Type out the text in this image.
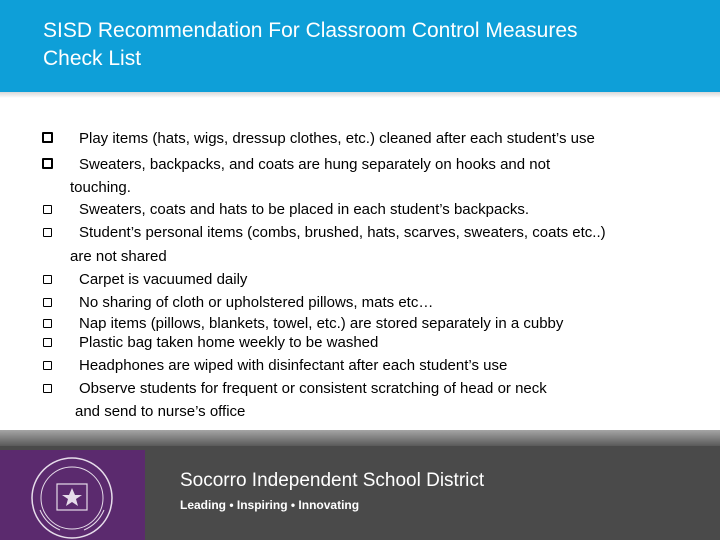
SISD Recommendation For Classroom Control Measures
Check List
Play items (hats, wigs, dressup clothes, etc.) cleaned after each student’s use
Sweaters, backpacks, and coats are hung separately on hooks and not
touching.
Sweaters, coats and hats to be placed in each student’s backpacks.
Student’s personal items (combs, brushed, hats, scarves, sweaters, coats etc..)
are not shared
Carpet is vacuumed daily
No sharing of cloth or upholstered pillows, mats etc…
Nap items (pillows, blankets, towel, etc.) are stored separately in a cubby
Plastic bag taken home weekly to be washed
Headphones are wiped with disinfectant after each student’s use
Observe students for frequent or consistent scratching of head or neck
and send to nurse’s office
Socorro Independent School District
Leading • Inspiring • Innovating
